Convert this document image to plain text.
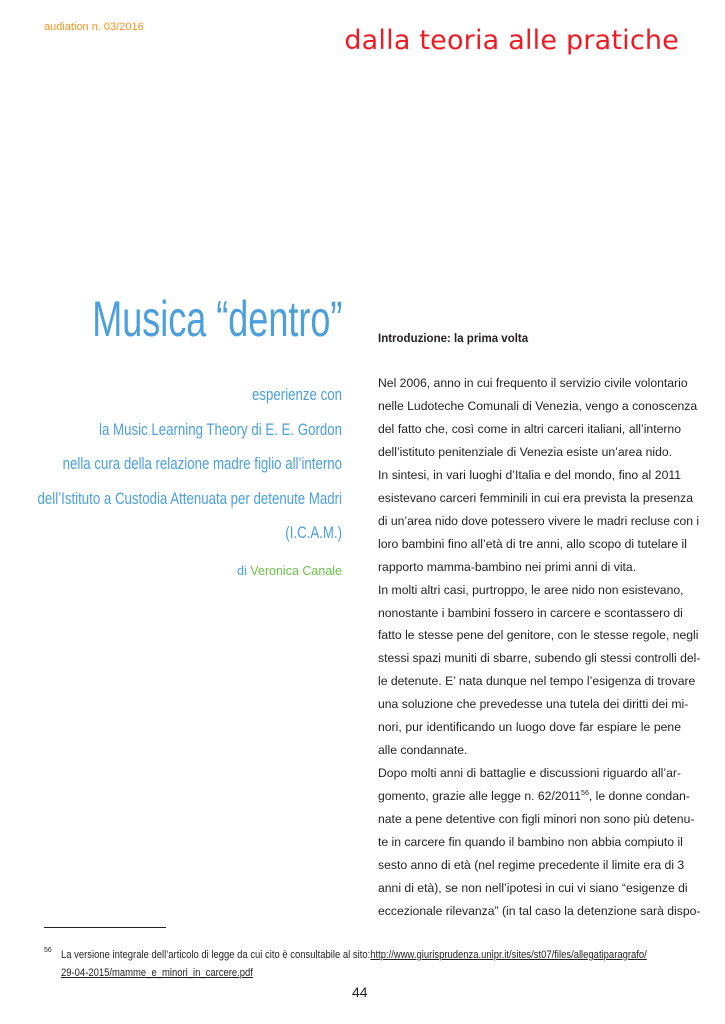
audiation n. 03/2016	dalla teoria alle pratiche
Musica “dentro”
esperienze con
la Music Learning Theory di E. E. Gordon
nella cura della relazione madre figlio all’interno
dell’Istituto a Custodia Attenuata per detenute Madri
(I.C.A.M.)
di Veronica Canale
Introduzione: la prima volta

Nel 2006, anno in cui frequento il servizio civile volontario
nelle Ludoteche Comunali di Venezia, vengo a conoscenza
del fatto che, così come in altri carceri italiani, all’interno
dell’istituto penitenziale di Venezia esiste un’area nido.

In sintesi, in vari luoghi d’Italia e del mondo, fino al 2011
esistevano carceri femminili in cui era prevista la presenza
di un’area nido dove potessero vivere le madri recluse con i
loro bambini fino all’età di tre anni, allo scopo di tutelare il
rapporto mamma-bambino nei primi anni di vita.

In molti altri casi, purtroppo, le aree nido non esistevano,
nonostante i bambini fossero in carcere e scontassero di
fatto le stesse pene del genitore, con le stesse regole, negli
stessi spazi muniti di sbarre, subendo gli stessi controlli del-
le detenute. E’ nata dunque nel tempo l’esigenza di trovare
una soluzione che prevedesse una tutela dei diritti dei mi-
nori, pur identificando un luogo dove far espiare le pene
alle condannate.

Dopo molti anni di battaglie e discussioni riguardo all’ar-
gomento, grazie alle legge n. 62/2011$^{56}$, le donne condan-
nate a pene detentive con figli minori non sono più detenu-
te in carcere fin quando il bambino non abbia compiuto il
sesto anno di età (nel regime precedente il limite era di 3
anni di età), se non nell’ipotesi in cui vi siano “esigenze di
eccezionale rilevanza” (in tal caso la detenzione sarà dispo-

56 La versione integrale dell’articolo di legge da cui cito è consultabile al sito:http://www.giurisprudenza.unipr.it/sites/st07/files/allegatiparagrafo/
29-04-2015/mamme_e_minori_in_carcere.pdf
44
